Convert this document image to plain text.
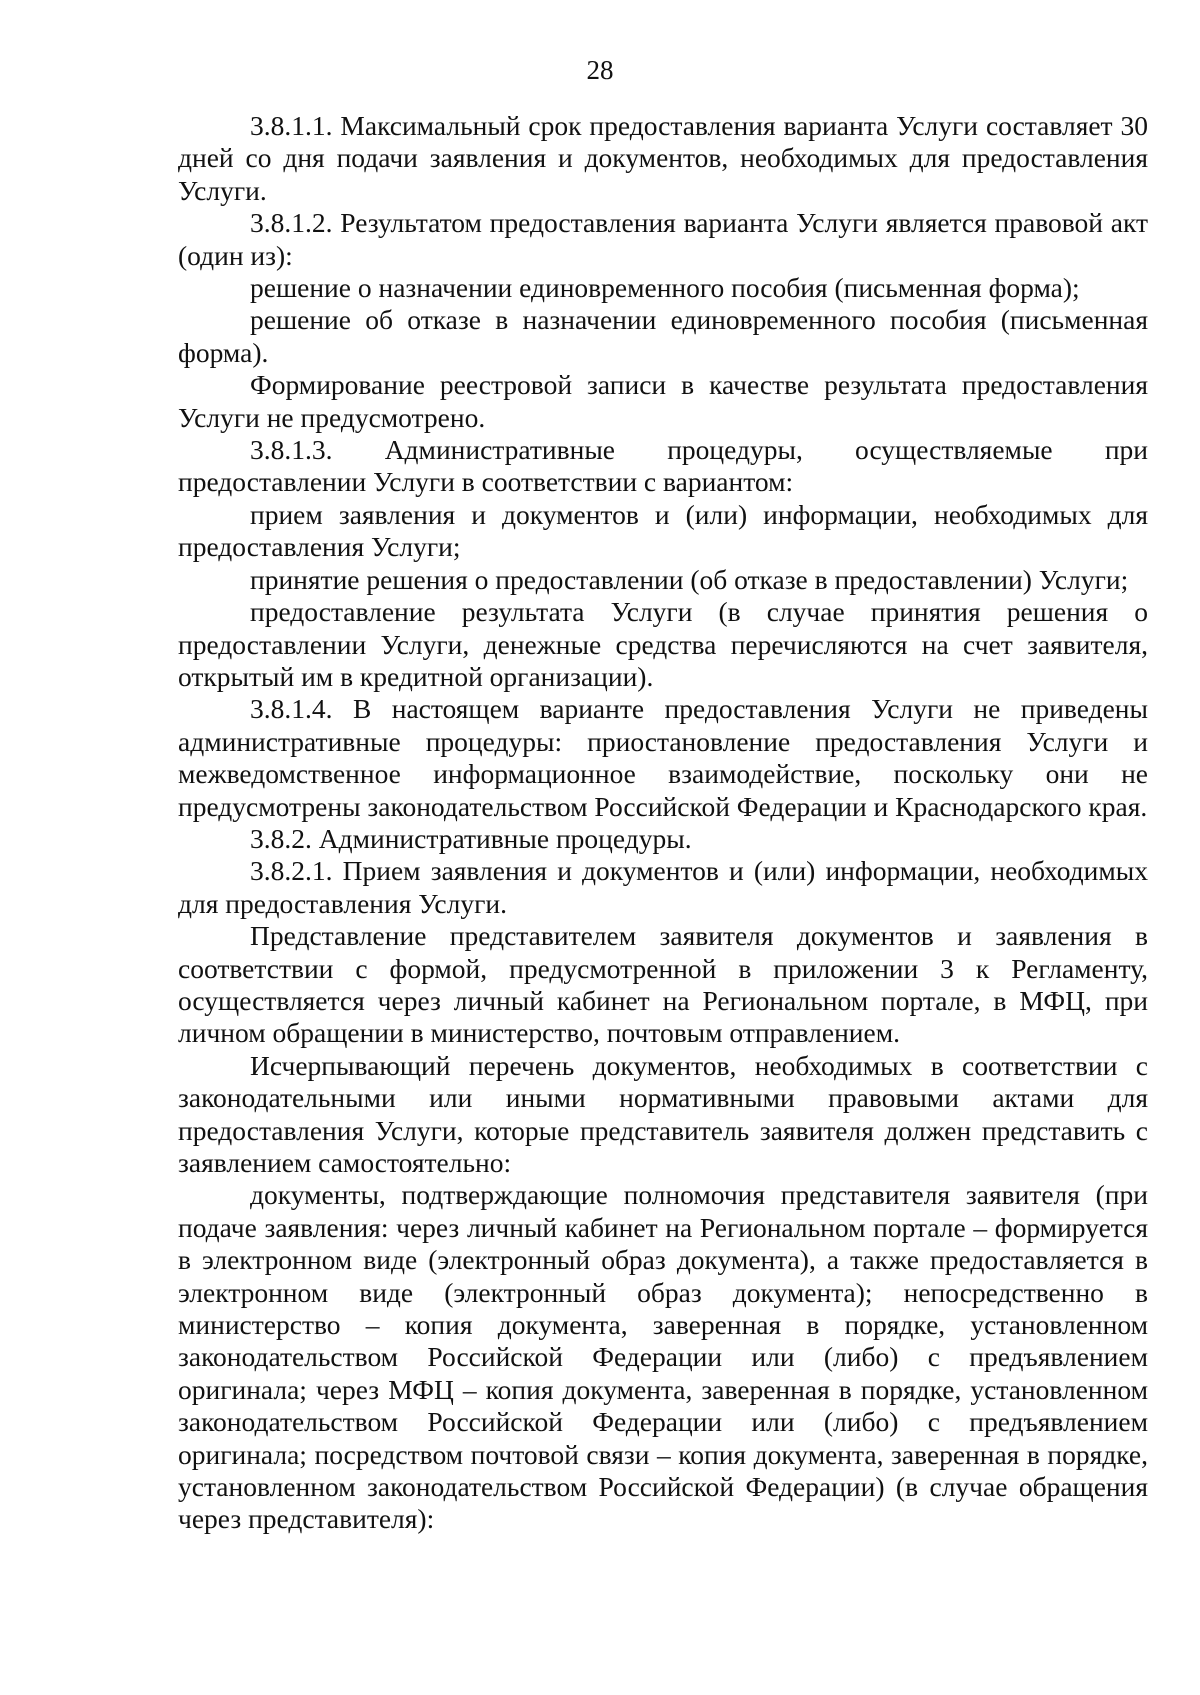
28

3.8.1.1. Максимальный срок предоставления варианта Услуги составляет 30 дней со дня подачи заявления и документов, необходимых для предоставления Услуги.

3.8.1.2. Результатом предоставления варианта Услуги является правовой акт (один из):

решение о назначении единовременного пособия (письменная форма);

решение об отказе в назначении единовременного пособия (письменная форма).

Формирование реестровой записи в качестве результата предоставления Услуги не предусмотрено.

3.8.1.3. Административные процедуры, осуществляемые при предоставлении Услуги в соответствии с вариантом:

прием заявления и документов и (или) информации, необходимых для предоставления Услуги;

принятие решения о предоставлении (об отказе в предоставлении) Услуги;

предоставление результата Услуги (в случае принятия решения о предоставлении Услуги, денежные средства перечисляются на счет заявителя, открытый им в кредитной организации).

3.8.1.4. В настоящем варианте предоставления Услуги не приведены административные процедуры: приостановление предоставления Услуги и межведомственное информационное взаимодействие, поскольку они не предусмотрены законодательством Российской Федерации и Краснодарского края.

3.8.2. Административные процедуры.

3.8.2.1. Прием заявления и документов и (или) информации, необходимых для предоставления Услуги.

Представление представителем заявителя документов и заявления в соответствии с формой, предусмотренной в приложении 3 к Регламенту, осуществляется через личный кабинет на Региональном портале, в МФЦ, при личном обращении в министерство, почтовым отправлением.

Исчерпывающий перечень документов, необходимых в соответствии с законодательными или иными нормативными правовыми актами для предоставления Услуги, которые представитель заявителя должен представить с заявлением самостоятельно:

документы, подтверждающие полномочия представителя заявителя (при подаче заявления: через личный кабинет на Региональном портале – формируется в электронном виде (электронный образ документа), а также предоставляется в электронном виде (электронный образ документа); непосредственно в министерство – копия документа, заверенная в порядке, установленном законодательством Российской Федерации или (либо) с предъявлением оригинала; через МФЦ – копия документа, заверенная в порядке, установленном законодательством Российской Федерации или (либо) с предъявлением оригинала; посредством почтовой связи – копия документа, заверенная в порядке, установленном законодательством Российской Федерации) (в случае обращения через представителя):
